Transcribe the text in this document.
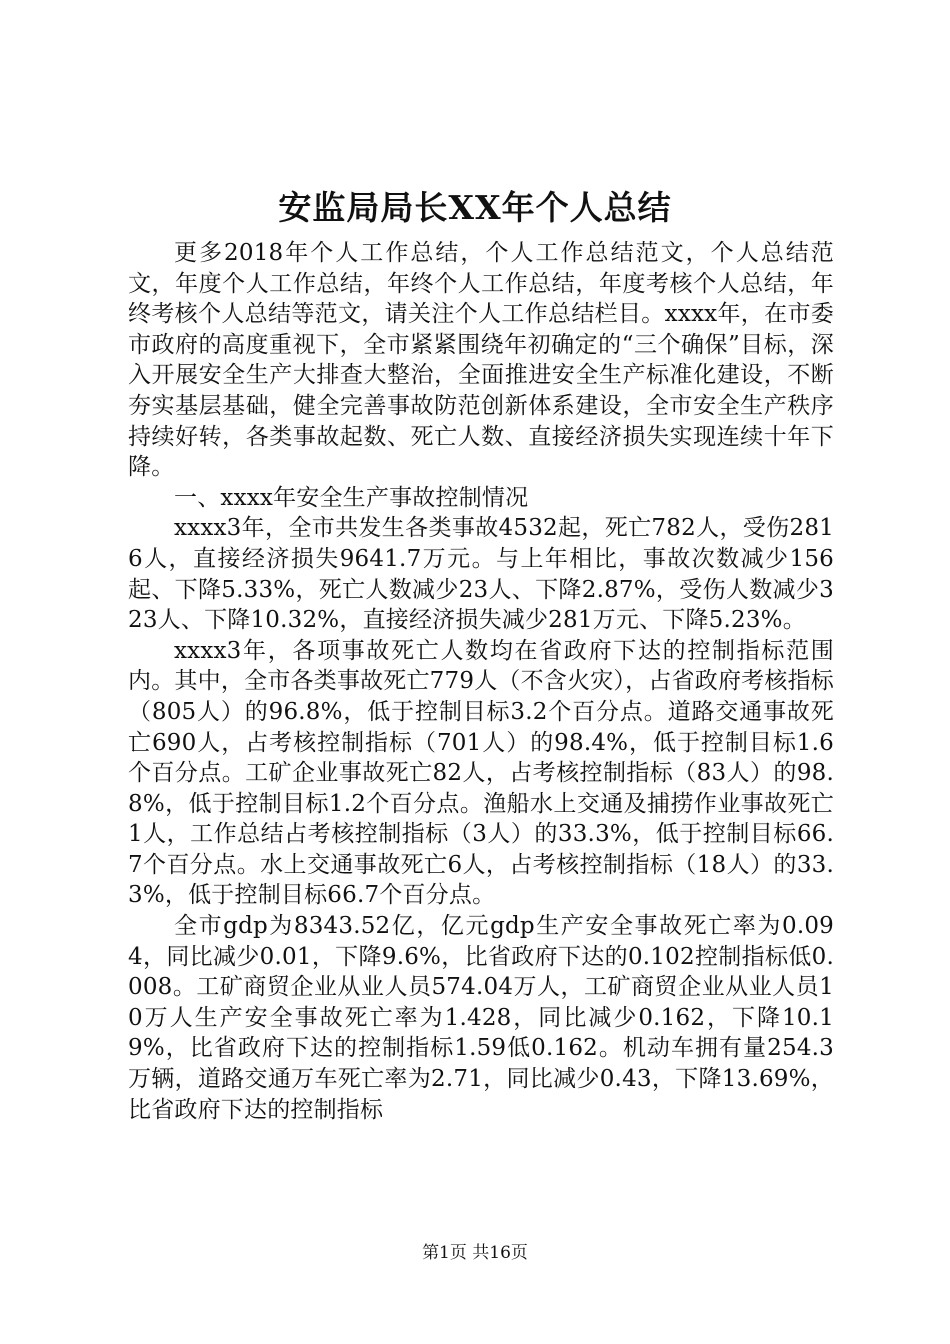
安监局局长XX年个人总结

更多2018年个人工作总结，个人工作总结范文，个人总结范文，年度个人工作总结，年终个人工作总结，年度考核个人总结，年终考核个人总结等范文，请关注个人工作总结栏目。xxxx年，在市委市政府的高度重视下，全市紧紧围绕年初确定的“三个确保”目标，深入开展安全生产大排查大整治，全面推进安全生产标准化建设，不断夯实基层基础，健全完善事故防范创新体系建设，全市安全生产秩序持续好转，各类事故起数、死亡人数、直接经济损失实现连续十年下降。

一、xxxx年安全生产事故控制情况

xxxx3年，全市共发生各类事故4532起，死亡782人，受伤2816人，直接经济损失9641.7万元。与上年相比，事故次数减少156起、下降5.33%，死亡人数减少23人、下降2.87%，受伤人数减少323人、下降10.32%，直接经济损失减少281万元、下降5.23%。

xxxx3年，各项事故死亡人数均在省政府下达的控制指标范围内。其中，全市各类事故死亡779人（不含火灾），占省政府考核指标（805人）的96.8%，低于控制目标3.2个百分点。道路交通事故死亡690人，占考核控制指标（701人）的98.4%，低于控制目标1.6个百分点。工矿企业事故死亡82人，占考核控制指标（83人）的98.8%，低于控制目标1.2个百分点。渔船水上交通及捕捞作业事故死亡1人，工作总结占考核控制指标（3人）的33.3%，低于控制目标66.7个百分点。水上交通事故死亡6人，占考核控制指标（18人）的33.3%，低于控制目标66.7个百分点。

全市gdp为8343.52亿，亿元gdp生产安全事故死亡率为0.094，同比减少0.01，下降9.6%，比省政府下达的0.102控制指标低0.008。工矿商贸企业从业人员574.04万人，工矿商贸企业从业人员10万人生产安全事故死亡率为1.428，同比减少0.162，下降10.19%，比省政府下达的控制指标1.59低0.162。机动车拥有量254.3万辆，道路交通万车死亡率为2.71，同比减少0.43，下降13.69%，比省政府下达的控制指标

第1页 共16页
